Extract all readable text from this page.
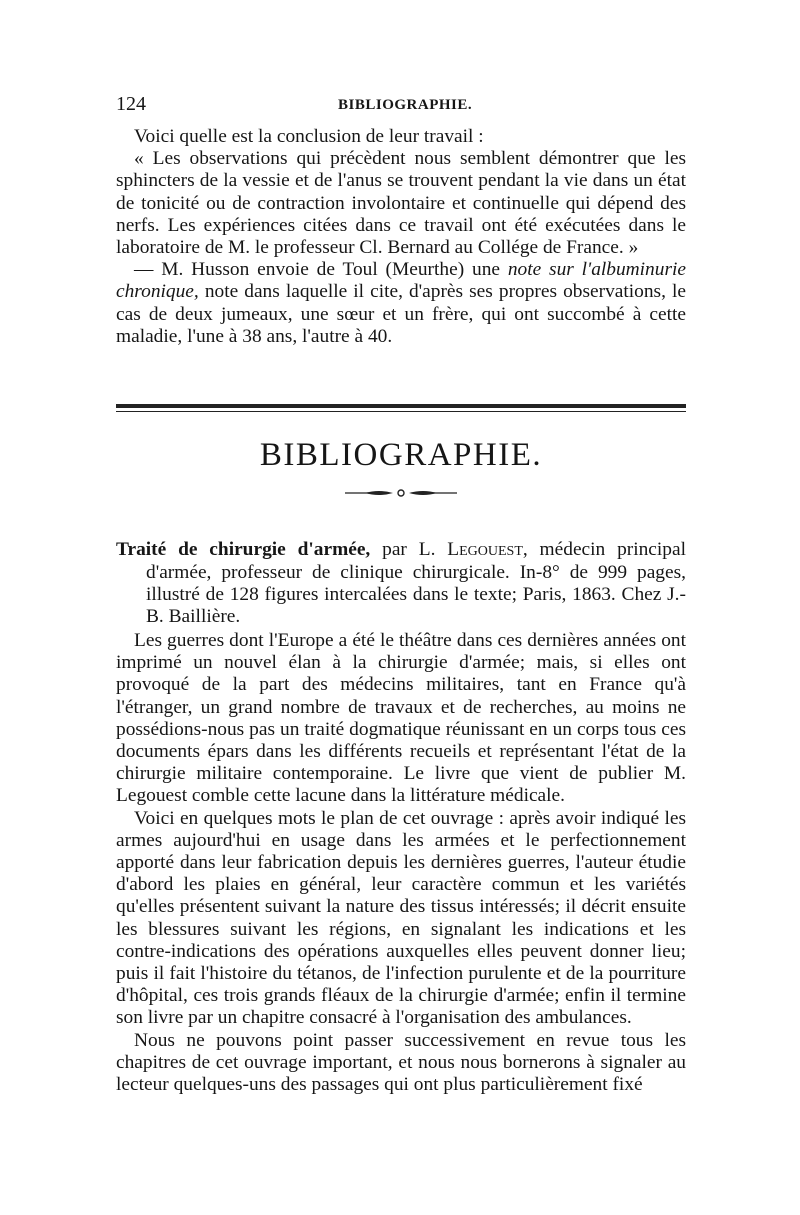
124	BIBLIOGRAPHIE.

Voici quelle est la conclusion de leur travail :

« Les observations qui précèdent nous semblent démontrer que les sphincters de la vessie et de l'anus se trouvent pendant la vie dans un état de tonicité ou de contraction involontaire et continuelle qui dépend des nerfs. Les expériences citées dans ce travail ont été exécutées dans le laboratoire de M. le professeur Cl. Bernard au Collége de France. »

— M. Husson envoie de Toul (Meurthe) une note sur l'albuminurie chronique, note dans laquelle il cite, d'après ses propres observations, le cas de deux jumeaux, une sœur et un frère, qui ont succombé à cette maladie, l'une à 38 ans, l'autre à 40.

BIBLIOGRAPHIE.

Traité de chirurgie d'armée, par L. Legouest, médecin principal d'armée, professeur de clinique chirurgicale. In-8° de 999 pages, illustré de 128 figures intercalées dans le texte; Paris, 1863. Chez J.-B. Baillière.

Les guerres dont l'Europe a été le théâtre dans ces dernières années ont imprimé un nouvel élan à la chirurgie d'armée; mais, si elles ont provoqué de la part des médecins militaires, tant en France qu'à l'étranger, un grand nombre de travaux et de recherches, au moins ne possédions-nous pas un traité dogmatique réunissant en un corps tous ces documents épars dans les différents recueils et représentant l'état de la chirurgie militaire contemporaine. Le livre que vient de publier M. Legouest comble cette lacune dans la littérature médicale.

Voici en quelques mots le plan de cet ouvrage : après avoir indiqué les armes aujourd'hui en usage dans les armées et le perfectionnement apporté dans leur fabrication depuis les dernières guerres, l'auteur étudie d'abord les plaies en général, leur caractère commun et les variétés qu'elles présentent suivant la nature des tissus intéressés; il décrit ensuite les blessures suivant les régions, en signalant les indications et les contre-indications des opérations auxquelles elles peuvent donner lieu; puis il fait l'histoire du tétanos, de l'infection purulente et de la pourriture d'hôpital, ces trois grands fléaux de la chirurgie d'armée; enfin il termine son livre par un chapitre consacré à l'organisation des ambulances.

Nous ne pouvons point passer successivement en revue tous les chapitres de cet ouvrage important, et nous nous bornerons à signaler au lecteur quelques-uns des passages qui ont plus particulièrement fixé
